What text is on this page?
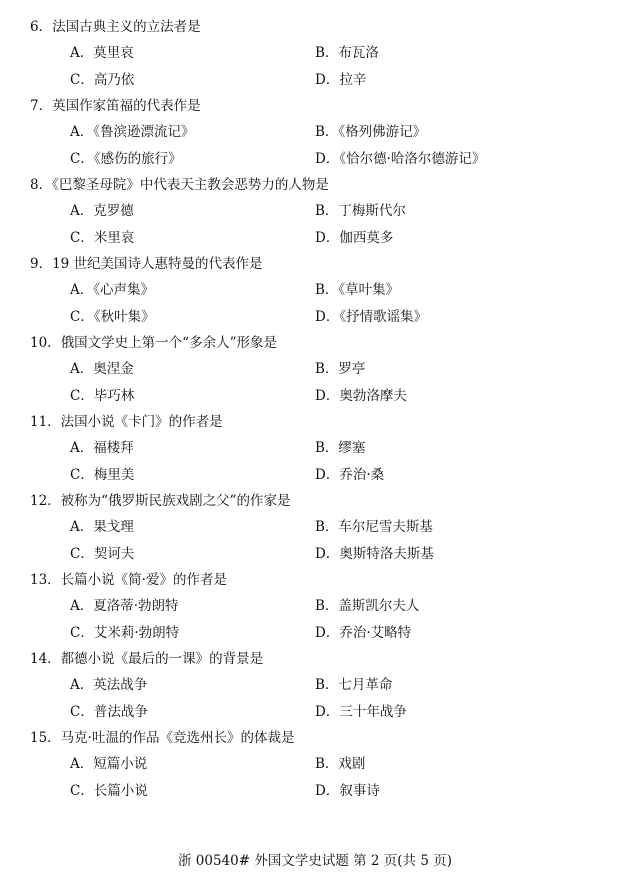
6．法国古典主义的立法者是
A．莫里哀	B．布瓦洛
C．高乃依	D．拉辛
7．英国作家笛福的代表作是
A．《鲁滨逊漂流记》	B．《格列佛游记》
C．《感伤的旅行》	D．《恰尔德·哈洛尔德游记》
8．《巴黎圣母院》中代表天主教会恶势力的人物是
A．克罗德	B．丁梅斯代尔
C．米里哀	D．伽西莫多
9．19 世纪美国诗人惠特曼的代表作是
A．《心声集》	B．《草叶集》
C．《秋叶集》	D．《抒情歌谣集》
10．俄国文学史上第一个“多余人”形象是
A．奥涅金	B．罗亭
C．毕巧林	D．奥勃洛摩夫
11．法国小说《卡门》的作者是
A．福楼拜	B．缪塞
C．梅里美	D．乔治·桑
12．被称为“俄罗斯民族戏剧之父”的作家是
A．果戈理	B．车尔尼雪夫斯基
C．契诃夫	D．奥斯特洛夫斯基
13．长篇小说《简·爱》的作者是
A．夏洛蒂·勃朗特	B．盖斯凯尔夫人
C．艾米莉·勃朗特	D．乔治·艾略特
14．都德小说《最后的一课》的背景是
A．英法战争	B．七月革命
C．普法战争	D．三十年战争
15．马克·吐温的作品《竞选州长》的体裁是
A．短篇小说	B．戏剧
C．长篇小说	D．叙事诗
浙 00540# 外国文学史试题 第 2 页(共 5 页)
